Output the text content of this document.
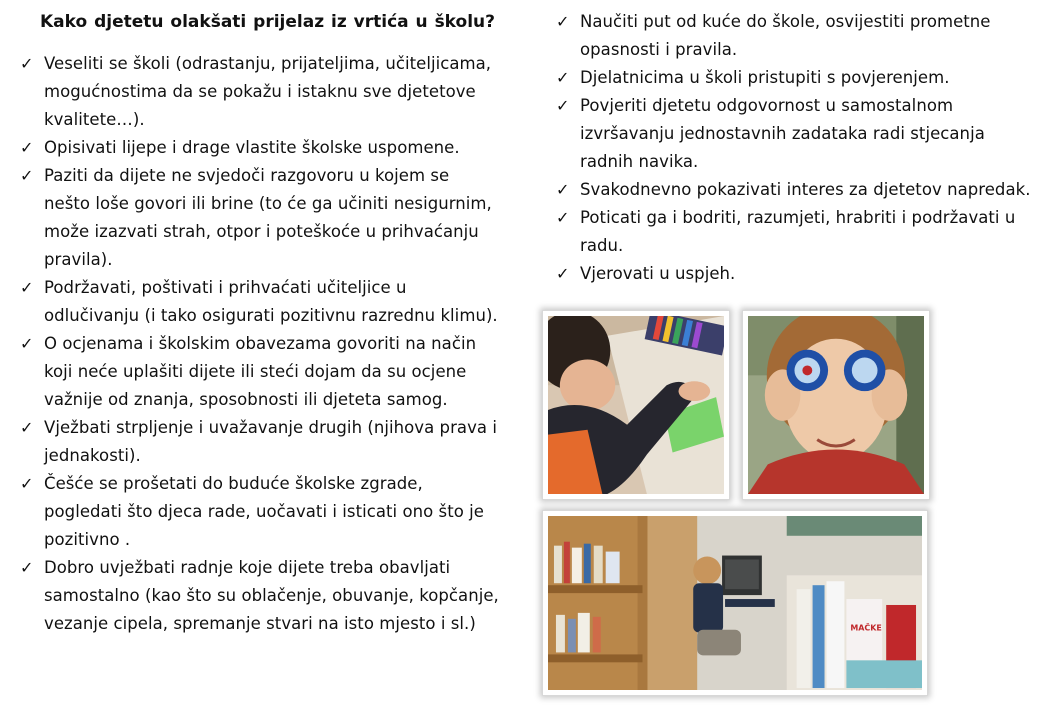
Kako djetetu olakšati prijelaz iz vrtića u školu?
✓ Veseliti se školi (odrastanju, prijateljima, učiteljicama, mogućnostima da se pokažu i istaknu sve djetetove kvalitete…).
✓ Opisivati lijepe i drage vlastite školske uspomene.
✓ Paziti da dijete ne svjedoči razgovoru u kojem se nešto loše govori ili brine (to će ga učiniti nesigurnim, može izazvati strah, otpor i poteškoće u prihvaćanju pravila).
✓ Podržavati, poštivati i prihvaćati učiteljice u odlučivanju (i tako osigurati pozitivnu razrednu klimu).
✓ O ocjenama i školskim obavezama govoriti na način koji neće uplašiti dijete ili steći dojam da su ocjene važnije od znanja, sposobnosti ili djeteta samog.
✓ Vježbati strpljenje i uvažavanje drugih (njihova prava i jednakosti).
✓ Češće se prošetati do buduće školske zgrade, pogledati što djeca rade, uočavati i isticati ono što je pozitivno .
✓ Dobro uvježbati radnje koje dijete treba obavljati samostalno (kao što su oblačenje, obuvanje, kopčanje, vezanje cipela, spremanje stvari na isto mjesto i sl.)
✓ Naučiti put od kuće do škole, osvijestiti prometne opasnosti i pravila.
✓ Djelatnicima u školi pristupiti s povjerenjem.
✓ Povjeriti djetetu odgovornost u samostalnom izvršavanju jednostavnih zadataka radi stjecanja radnih navika.
✓ Svakodnevno pokazivati interes za djetetov napredak.
✓ Poticati ga i bodriti, razumjeti, hrabriti i podržavati u radu.
✓ Vjerovati u uspjeh.
MAČKE
